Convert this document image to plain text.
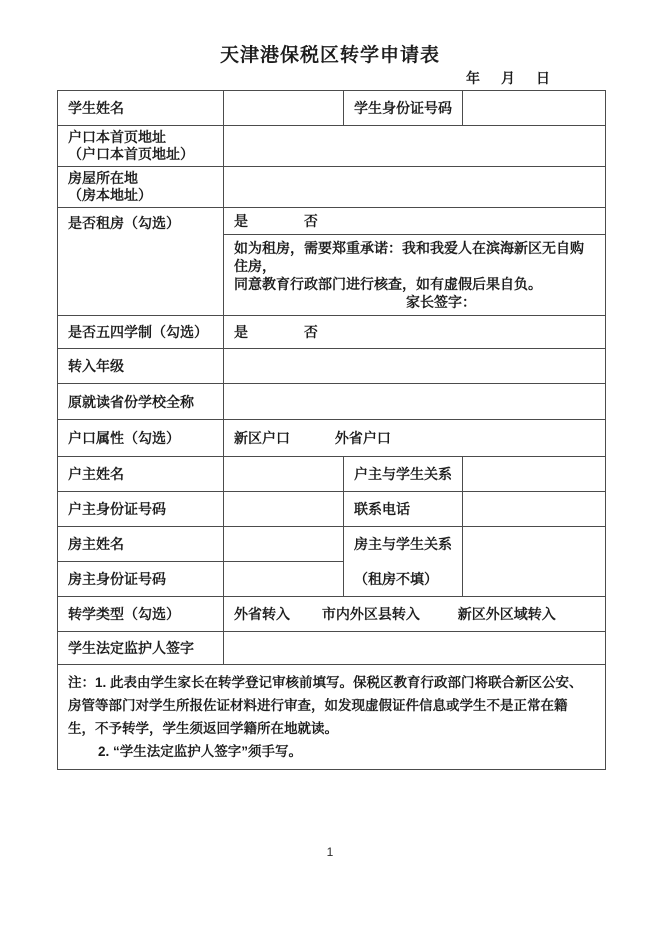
天津港保税区转学申请表
年 月 日
学生姓名		学生身份证号码	

户口本首页地址
（户口本首页地址）			

房屋所在地
（房本地址）			

是否租房（勾选）	是 否		

	如为租房，需要郑重承诺：我和我爱人在滨海新区无自购住房，
同意教育行政部门进行核查，如有虚假后果自负。
家长签字：		

是否五四学制（勾选）	是 否		
转入年级			
原就读省份学校全称			
户口属性（勾选）	新区户口 外省户口		
户主姓名		户主与学生关系	
户主身份证号码		联系电话	
房主姓名		房主与学生关系
（租房不填）	

房主身份证号码			
转学类型（勾选）	外省转入 市内外区县转入 新区外区域转入		
学生法定监护人签字			

注：1. 此表由学生家长在转学登记审核前填写。保税区教育行政部门将联合新区公安、
房管等部门对学生所报佐证材料进行审查，如发现虚假证件信息或学生不是正常在籍
生，不予转学，学生须返回学籍所在地就读。
2. “学生法定监护人签字”须手写。			
1
